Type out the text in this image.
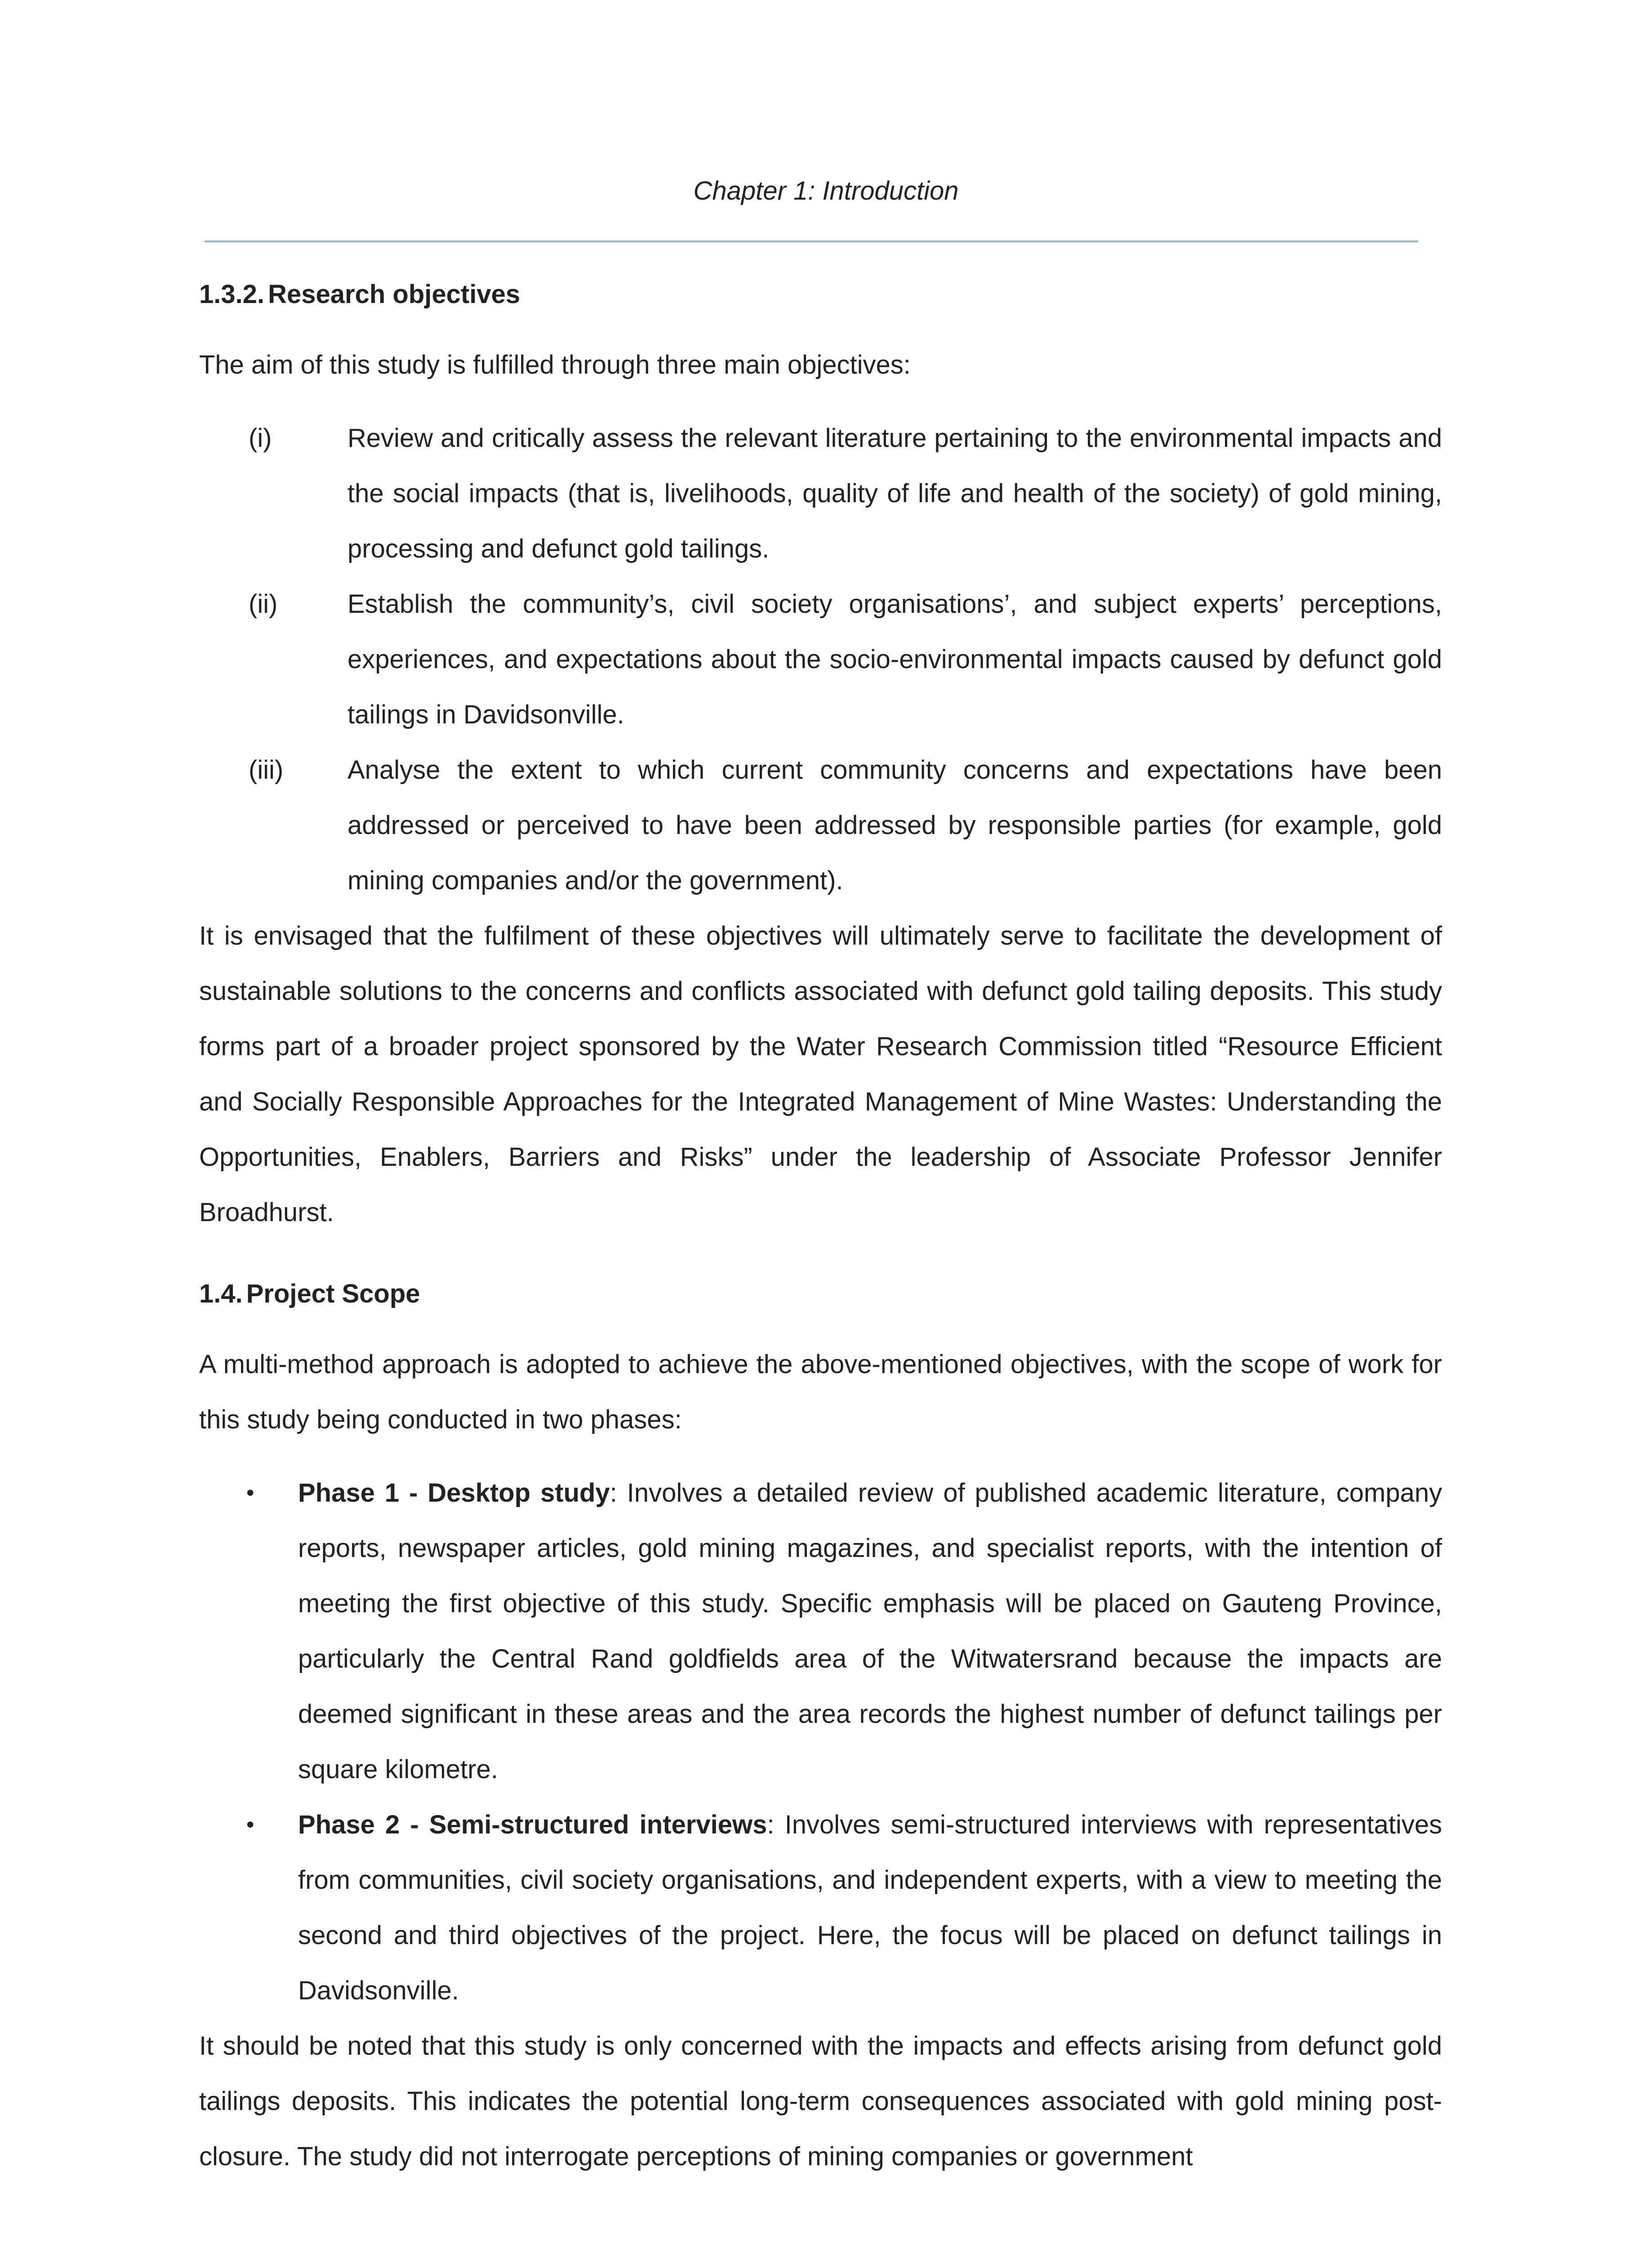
Chapter 1: Introduction
1.3.2. Research objectives

The aim of this study is fulfilled through three main objectives:

(i)	Review and critically assess the relevant literature pertaining to the environmental impacts and the social impacts (that is, livelihoods, quality of life and health of the society) of gold mining, processing and defunct gold tailings.
(ii)	Establish the community’s, civil society organisations’, and subject experts’ perceptions, experiences, and expectations about the socio-environmental impacts caused by defunct gold tailings in Davidsonville.
(iii)	Analyse the extent to which current community concerns and expectations have been addressed or perceived to have been addressed by responsible parties (for example, gold mining companies and/or the government).

It is envisaged that the fulfilment of these objectives will ultimately serve to facilitate the development of sustainable solutions to the concerns and conflicts associated with defunct gold tailing deposits. This study forms part of a broader project sponsored by the Water Research Commission titled “Resource Efficient and Socially Responsible Approaches for the Integrated Management of Mine Wastes: Understanding the Opportunities, Enablers, Barriers and Risks” under the leadership of Associate Professor Jennifer Broadhurst.

1.4. Project Scope

A multi-method approach is adopted to achieve the above-mentioned objectives, with the scope of work for this study being conducted in two phases:

•	Phase 1 - Desktop study: Involves a detailed review of published academic literature, company reports, newspaper articles, gold mining magazines, and specialist reports, with the intention of meeting the first objective of this study. Specific emphasis will be placed on Gauteng Province, particularly the Central Rand goldfields area of the Witwatersrand because the impacts are deemed significant in these areas and the area records the highest number of defunct tailings per square kilometre.
•	Phase 2 - Semi-structured interviews: Involves semi-structured interviews with representatives from communities, civil society organisations, and independent experts, with a view to meeting the second and third objectives of the project. Here, the focus will be placed on defunct tailings in Davidsonville.

It should be noted that this study is only concerned with the impacts and effects arising from defunct gold tailings deposits. This indicates the potential long-term consequences associated with gold mining post-closure. The study did not interrogate perceptions of mining companies or government
